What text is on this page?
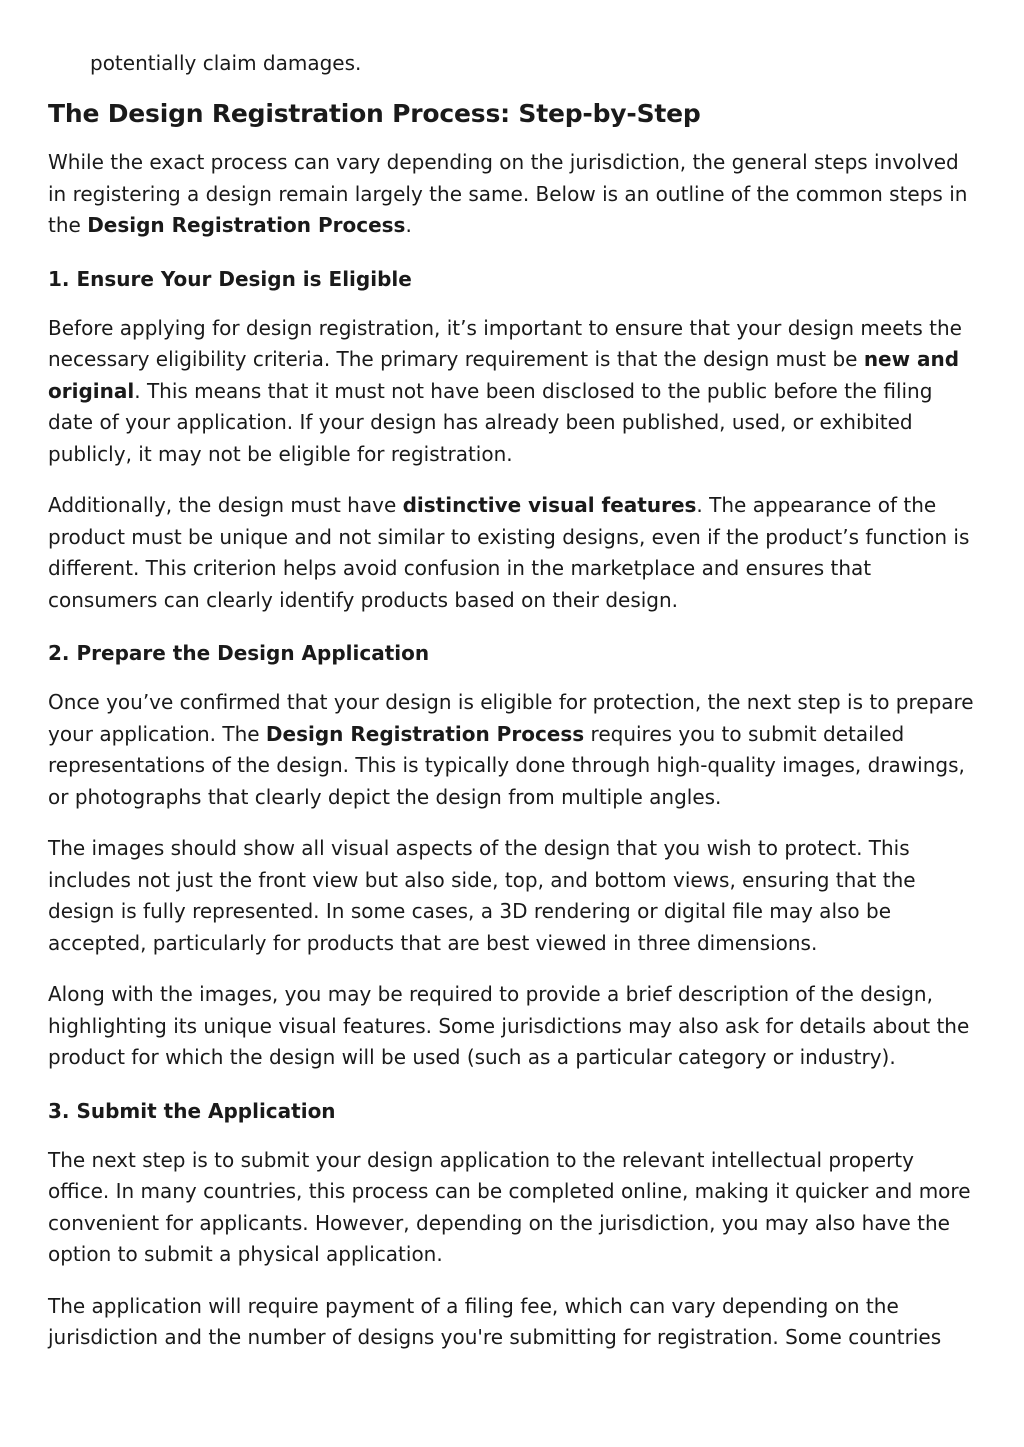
potentially claim damages.

The Design Registration Process: Step-by-Step

While the exact process can vary depending on the jurisdiction, the general steps involved in registering a design remain largely the same. Below is an outline of the common steps in the Design Registration Process.

1. Ensure Your Design is Eligible

Before applying for design registration, it’s important to ensure that your design meets the necessary eligibility criteria. The primary requirement is that the design must be new and original. This means that it must not have been disclosed to the public before the filing date of your application. If your design has already been published, used, or exhibited publicly, it may not be eligible for registration.

Additionally, the design must have distinctive visual features. The appearance of the product must be unique and not similar to existing designs, even if the product’s function is different. This criterion helps avoid confusion in the marketplace and ensures that consumers can clearly identify products based on their design.

2. Prepare the Design Application

Once you’ve confirmed that your design is eligible for protection, the next step is to prepare your application. The Design Registration Process requires you to submit detailed representations of the design. This is typically done through high-quality images, drawings, or photographs that clearly depict the design from multiple angles.

The images should show all visual aspects of the design that you wish to protect. This includes not just the front view but also side, top, and bottom views, ensuring that the design is fully represented. In some cases, a 3D rendering or digital file may also be accepted, particularly for products that are best viewed in three dimensions.

Along with the images, you may be required to provide a brief description of the design, highlighting its unique visual features. Some jurisdictions may also ask for details about the product for which the design will be used (such as a particular category or industry).

3. Submit the Application

The next step is to submit your design application to the relevant intellectual property office. In many countries, this process can be completed online, making it quicker and more convenient for applicants. However, depending on the jurisdiction, you may also have the option to submit a physical application.

The application will require payment of a filing fee, which can vary depending on the jurisdiction and the number of designs you're submitting for registration. Some countries
